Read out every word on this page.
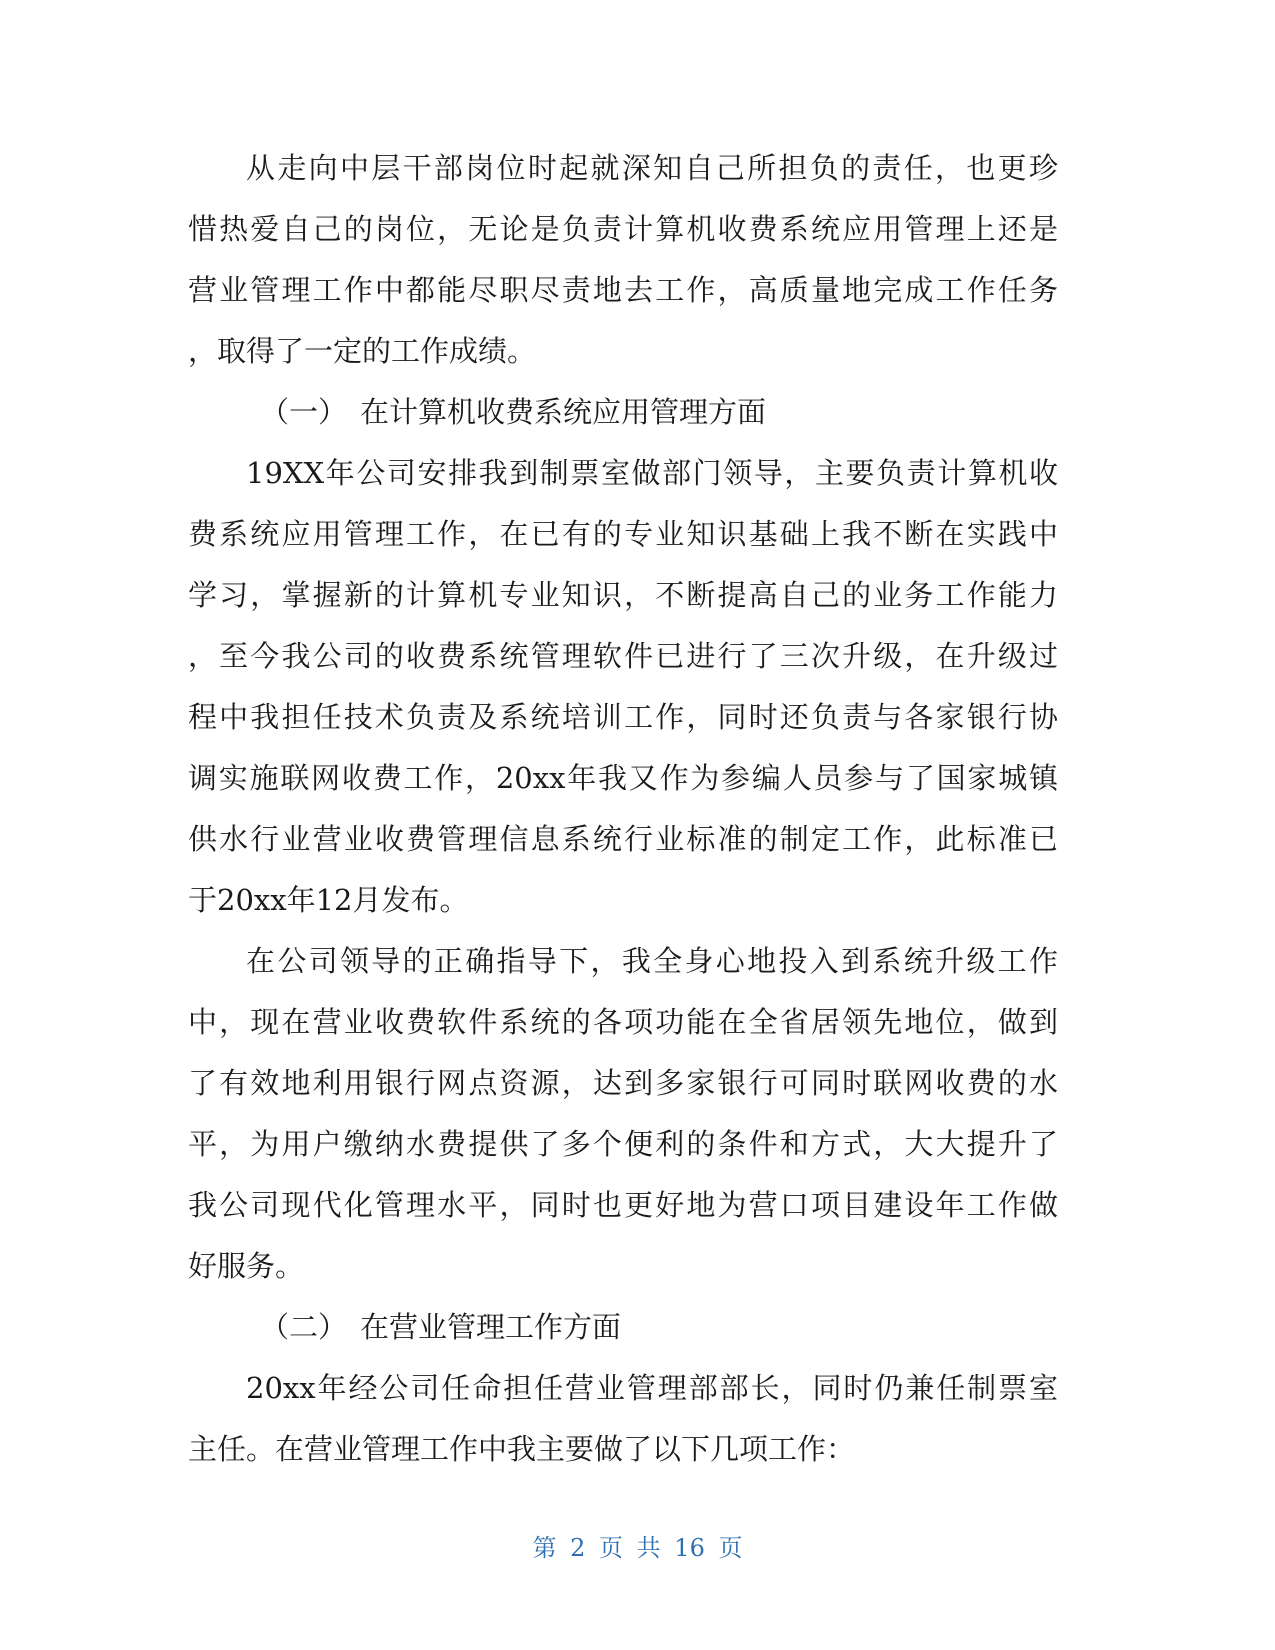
从走向中层干部岗位时起就深知自己所担负的责任，也更珍
惜热爱自己的岗位，无论是负责计算机收费系统应用管理上还是
营业管理工作中都能尽职尽责地去工作，高质量地完成工作任务
，取得了一定的工作成绩。
（一） 在计算机收费系统应用管理方面
19XX年公司安排我到制票室做部门领导，主要负责计算机收
费系统应用管理工作，在已有的专业知识基础上我不断在实践中
学习，掌握新的计算机专业知识，不断提高自己的业务工作能力
，至今我公司的收费系统管理软件已进行了三次升级，在升级过
程中我担任技术负责及系统培训工作，同时还负责与各家银行协
调实施联网收费工作，20xx年我又作为参编人员参与了国家城镇
供水行业营业收费管理信息系统行业标准的制定工作，此标准已
于20xx年12月发布。
在公司领导的正确指导下，我全身心地投入到系统升级工作
中，现在营业收费软件系统的各项功能在全省居领先地位，做到
了有效地利用银行网点资源，达到多家银行可同时联网收费的水
平，为用户缴纳水费提供了多个便利的条件和方式，大大提升了
我公司现代化管理水平，同时也更好地为营口项目建设年工作做
好服务。
（二） 在营业管理工作方面
20xx年经公司任命担任营业管理部部长，同时仍兼任制票室
主任。在营业管理工作中我主要做了以下几项工作：
第 2 页 共 16 页
